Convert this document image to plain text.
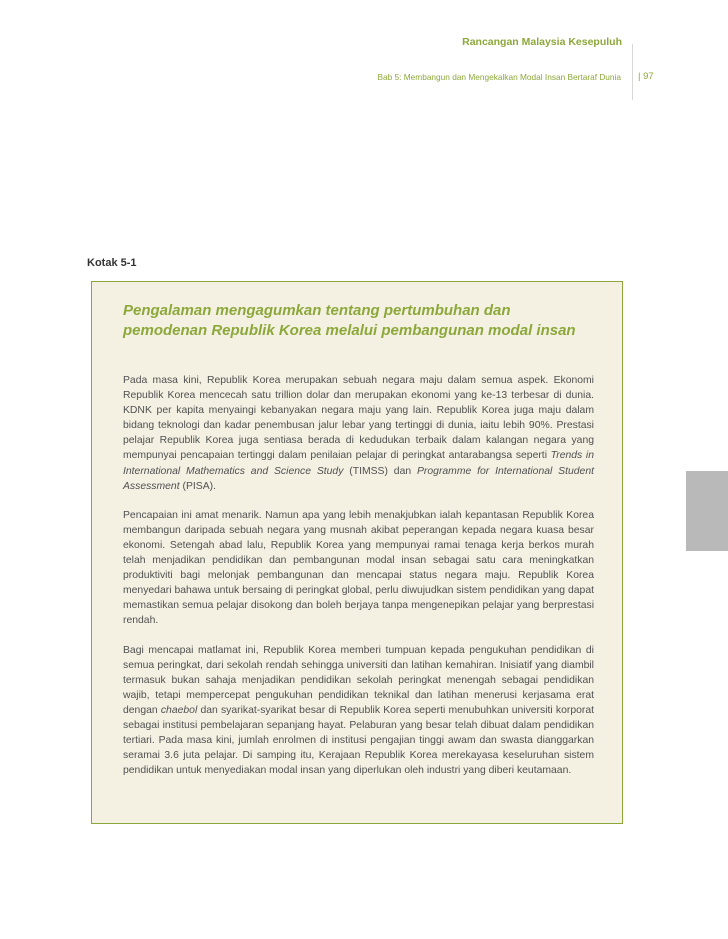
Rancangan Malaysia Kesepuluh
Bab 5: Membangun dan Mengekalkan Modal Insan Bertaraf Dunia | 97
Kotak 5-1
Pengalaman mengagumkan tentang pertumbuhan dan pemodenan Republik Korea melalui pembangunan modal insan

Pada masa kini, Republik Korea merupakan sebuah negara maju dalam semua aspek. Ekonomi Republik Korea mencecah satu trillion dolar dan merupakan ekonomi yang ke-13 terbesar di dunia. KDNK per kapita menyaingi kebanyakan negara maju yang lain. Republik Korea juga maju dalam bidang teknologi dan kadar penembusan jalur lebar yang tertinggi di dunia, iaitu lebih 90%. Prestasi pelajar Republik Korea juga sentiasa berada di kedudukan terbaik dalam kalangan negara yang mempunyai pencapaian tertinggi dalam penilaian pelajar di peringkat antarabangsa seperti Trends in International Mathematics and Science Study (TIMSS) dan Programme for International Student Assessment (PISA).

Pencapaian ini amat menarik. Namun apa yang lebih menakjubkan ialah kepantasan Republik Korea membangun daripada sebuah negara yang musnah akibat peperangan kepada negara kuasa besar ekonomi. Setengah abad lalu, Republik Korea yang mempunyai ramai tenaga kerja berkos murah telah menjadikan pendidikan dan pembangunan modal insan sebagai satu cara meningkatkan produktiviti bagi melonjak pembangunan dan mencapai status negara maju. Republik Korea menyedari bahawa untuk bersaing di peringkat global, perlu diwujudkan sistem pendidikan yang dapat memastikan semua pelajar disokong dan boleh berjaya tanpa mengenepikan pelajar yang berprestasi rendah.

Bagi mencapai matlamat ini, Republik Korea memberi tumpuan kepada pengukuhan pendidikan di semua peringkat, dari sekolah rendah sehingga universiti dan latihan kemahiran. Inisiatif yang diambil termasuk bukan sahaja menjadikan pendidikan sekolah peringkat menengah sebagai pendidikan wajib, tetapi mempercepat pengukuhan pendidikan teknikal dan latihan menerusi kerjasama erat dengan chaebol dan syarikat-syarikat besar di Republik Korea seperti menubuhkan universiti korporat sebagai institusi pembelajaran sepanjang hayat. Pelaburan yang besar telah dibuat dalam pendidikan tertiari. Pada masa kini, jumlah enrolmen di institusi pengajian tinggi awam dan swasta dianggarkan seramai 3.6 juta pelajar. Di samping itu, Kerajaan Republik Korea merekayasa keseluruhan sistem pendidikan untuk menyediakan modal insan yang diperlukan oleh industri yang diberi keutamaan.
